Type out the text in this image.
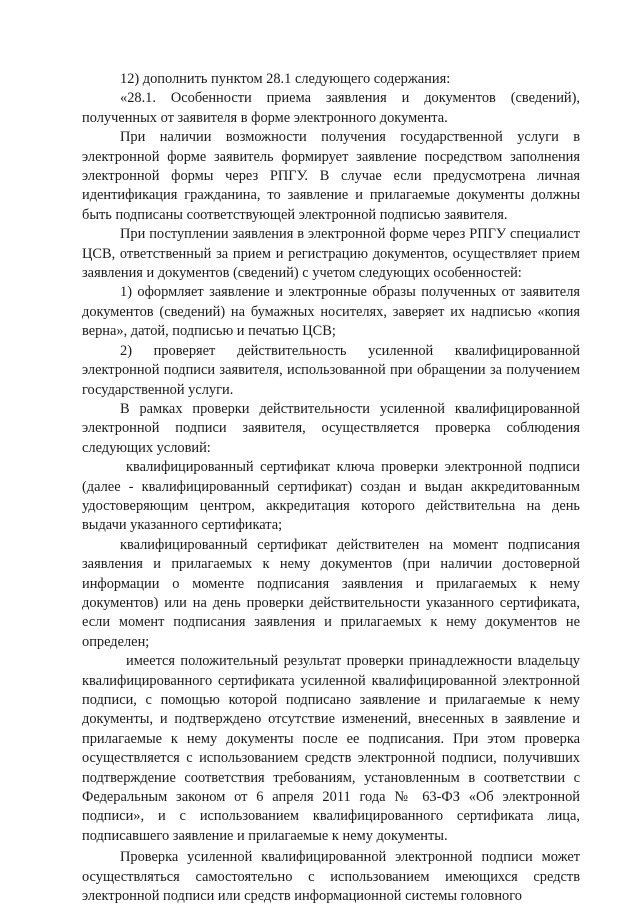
12) дополнить пунктом 28.1 следующего содержания:

«28.1. Особенности приема заявления и документов (сведений), полученных от заявителя в форме электронного документа.

При наличии возможности получения государственной услуги в электронной форме заявитель формирует заявление посредством заполнения электронной формы через РПГУ. В случае если предусмотрена личная идентификация гражданина, то заявление и прилагаемые документы должны быть подписаны соответствующей электронной подписью заявителя.

При поступлении заявления в электронной форме через РПГУ специалист ЦСВ, ответственный за прием и регистрацию документов, осуществляет прием заявления и документов (сведений) с учетом следующих особенностей:

1) оформляет заявление и электронные образы полученных от заявителя документов (сведений) на бумажных носителях, заверяет их надписью «копия верна», датой, подписью и печатью ЦСВ;

2) проверяет действительность усиленной квалифицированной электронной подписи заявителя, использованной при обращении за получением государственной услуги.

В рамках проверки действительности усиленной квалифицированной электронной подписи заявителя, осуществляется проверка соблюдения следующих условий:

квалифицированный сертификат ключа проверки электронной подписи (далее - квалифицированный сертификат) создан и выдан аккредитованным удостоверяющим центром, аккредитация которого действительна на день выдачи указанного сертификата;

квалифицированный сертификат действителен на момент подписания заявления и прилагаемых к нему документов (при наличии достоверной информации о моменте подписания заявления и прилагаемых к нему документов) или на день проверки действительности указанного сертификата, если момент подписания заявления и прилагаемых к нему документов не определен;

имеется положительный результат проверки принадлежности владельцу квалифицированного сертификата усиленной квалифицированной электронной подписи, с помощью которой подписано заявление и прилагаемые к нему документы, и подтверждено отсутствие изменений, внесенных в заявление и прилагаемые к нему документы после ее подписания. При этом проверка осуществляется с использованием средств электронной подписи, получивших подтверждение соответствия требованиям, установленным в соответствии с Федеральным законом от 6 апреля 2011 года № 63-ФЗ «Об электронной подписи», и с использованием квалифицированного сертификата лица, подписавшего заявление и прилагаемые к нему документы.

Проверка усиленной квалифицированной электронной подписи может осуществляться самостоятельно с использованием имеющихся средств электронной подписи или средств информационной системы головного
